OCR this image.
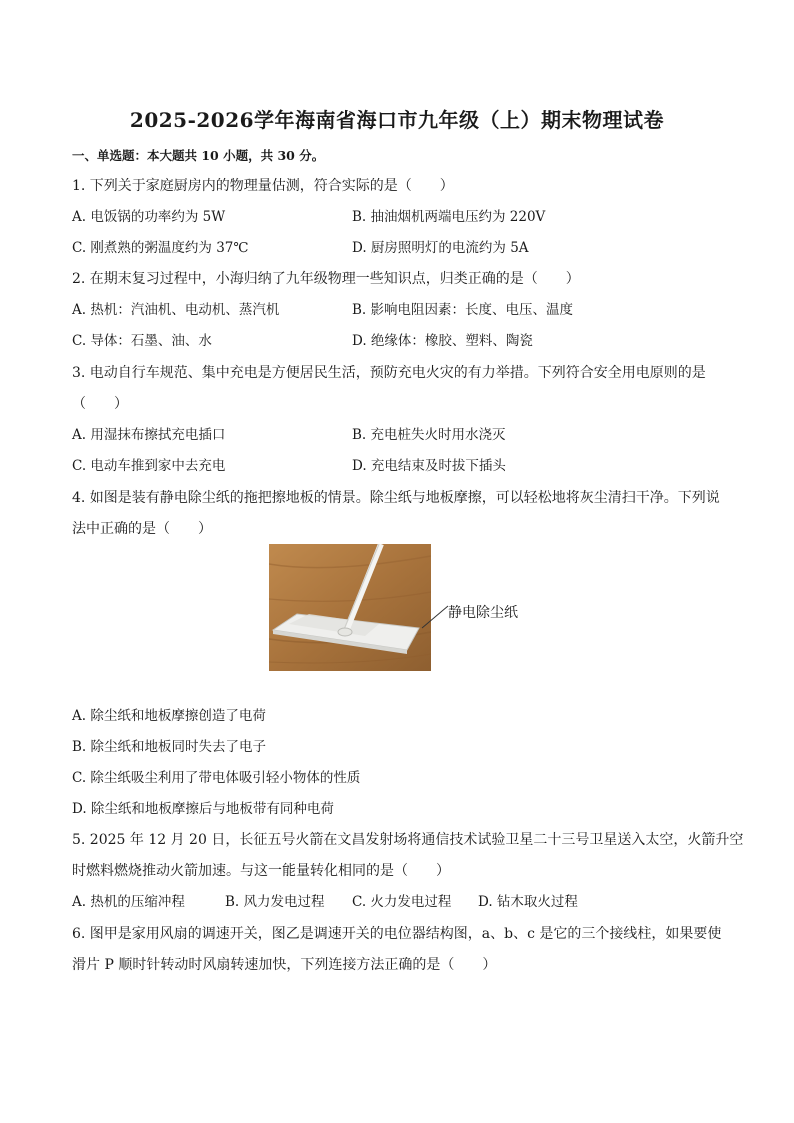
2025-2026学年海南省海口市九年级（上）期末物理试卷
一、单选题：本大题共 10 小题，共 30 分。
1. 下列关于家庭厨房内的物理量估测，符合实际的是（　　）
A. 电饭锅的功率约为 5W	B. 抽油烟机两端电压约为 220V
C. 刚煮熟的粥温度约为 37℃	D. 厨房照明灯的电流约为 5A
2. 在期末复习过程中，小海归纳了九年级物理一些知识点，归类正确的是（　　）
A. 热机：汽油机、电动机、蒸汽机	B. 影响电阻因素：长度、电压、温度
C. 导体：石墨、油、水	D. 绝缘体：橡胶、塑料、陶瓷
3. 电动自行车规范、集中充电是方便居民生活，预防充电火灾的有力举措。下列符合安全用电原则的是
（　　）
A. 用湿抹布擦拭充电插口	B. 充电桩失火时用水浇灭
C. 电动车推到家中去充电	D. 充电结束及时拔下插头
4. 如图是装有静电除尘纸的拖把擦地板的情景。除尘纸与地板摩擦，可以轻松地将灰尘清扫干净。下列说
法中正确的是（　　）
静电除尘纸
A. 除尘纸和地板摩擦创造了电荷
B. 除尘纸和地板同时失去了电子
C. 除尘纸吸尘利用了带电体吸引轻小物体的性质
D. 除尘纸和地板摩擦后与地板带有同种电荷
5. 2025 年 12 月 20 日，长征五号火箭在文昌发射场将通信技术试验卫星二十三号卫星送入太空，火箭升空
时燃料燃烧推动火箭加速。与这一能量转化相同的是（　　）
A. 热机的压缩冲程	B. 风力发电过程 C. 火力发电过程 D. 钻木取火过程
6. 图甲是家用风扇的调速开关，图乙是调速开关的电位器结构图，a、b、c 是它的三个接线柱，如果要使
滑片 P 顺时针转动时风扇转速加快，下列连接方法正确的是（　　）
